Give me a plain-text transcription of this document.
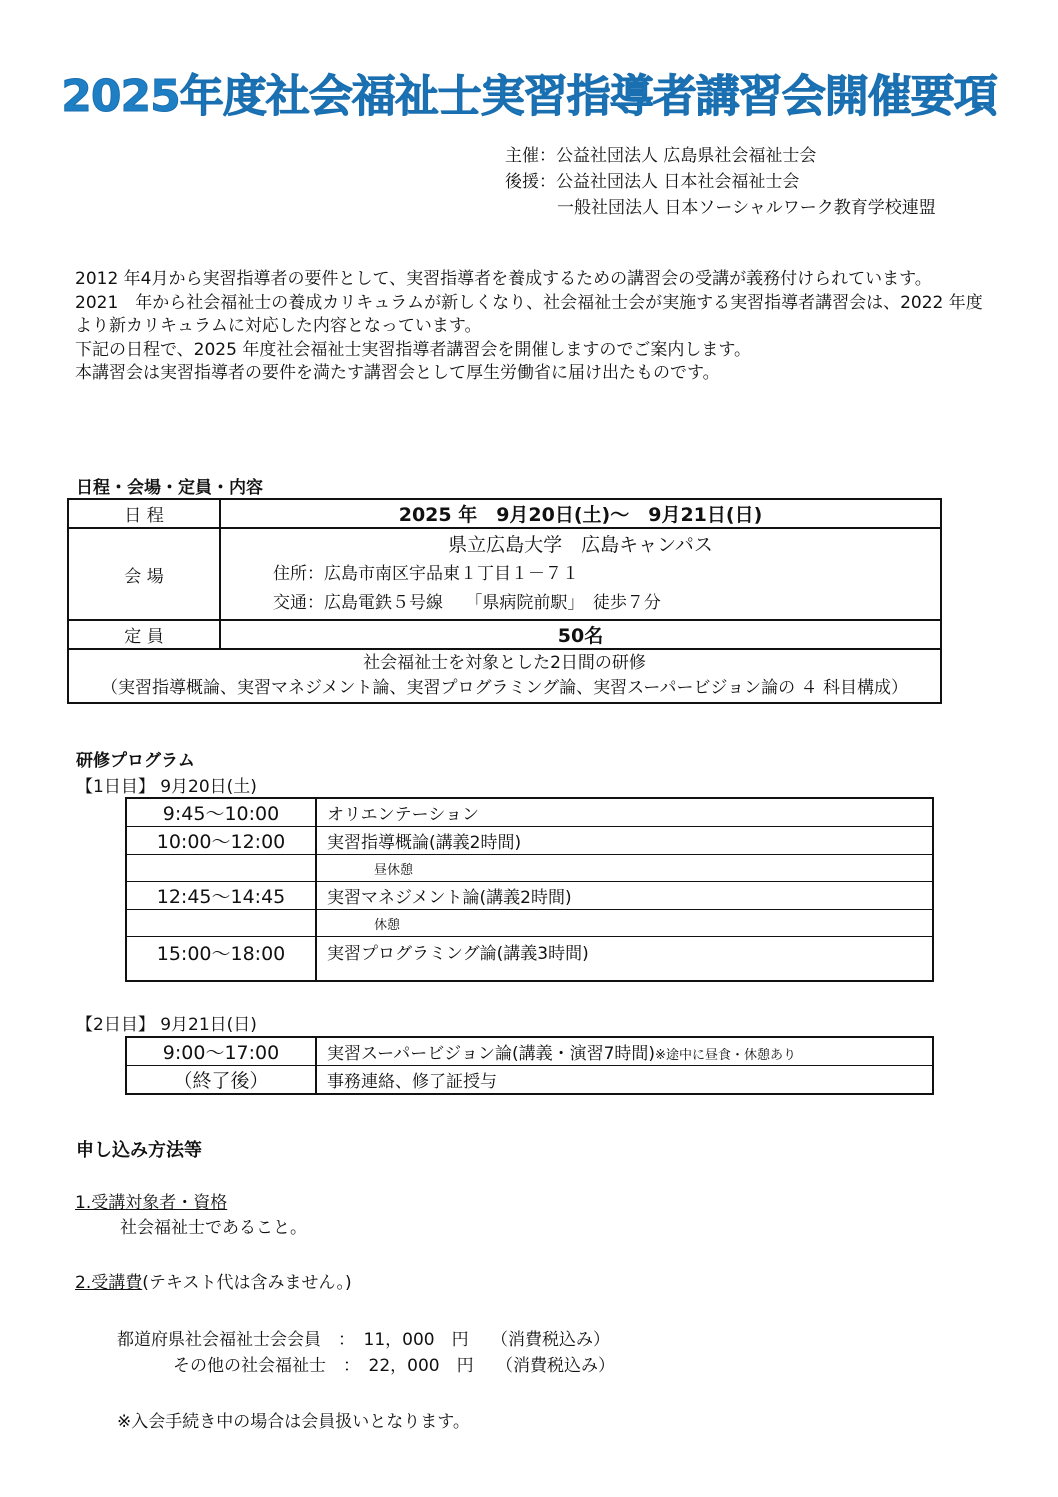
2025年度社会福祉士実習指導者講習会開催要項
主催：公益社団法人 広島県社会福祉士会
後援：公益社団法人 日本社会福祉士会
一般社団法人 日本ソーシャルワーク教育学校連盟

2012 年4月から実習指導者の要件として、実習指導者を養成するための講習会の受講が義務付けられています。

2021　年から社会福祉士の養成カリキュラムが新しくなり、社会福祉士会が実施する実習指導者講習会は、2022 年度より新カリキュラムに対応した内容となっています。

下記の日程で、2025 年度社会福祉士実習指導者講習会を開催しますのでご案内します。

本講習会は実習指導者の要件を満たす講習会として厚生労働省に届け出たものです。

日程・会場・定員・内容
日 程	2025 年　9月20日(土)～　9月21日(日)
会 場	県立広島大学　広島キャンパス
住所：広島市南区宇品東１丁目１－７１
交通：広島電鉄５号線　 「県病院前駅」　徒歩７分

定 員	50名

社会福祉士を対象とした2日間の研修
（実習指導概論、実習マネジメント論、実習プログラミング論、実習スーパービジョン論の ４ 科目構成）	
研修プログラム
【1日目】 9月20日(土)
9:45～10:00	オリエンテーション
10:00～12:00	実習指導概論(講義2時間)
	昼休憩
12:45～14:45	実習マネジメント論(講義2時間)
	休憩
15:00～18:00	実習プログラミング論(講義3時間)
【2日目】 9月21日(日)
9:00～17:00	実習スーパービジョン論(講義・演習7時間)※途中に昼食・休憩あり
（終了後）	事務連絡、修了証授与
申し込み方法等
1.受講対象者・資格
社会福祉士であること。
2.受講費(テキスト代は含みません。)
都道府県社会福祉士会会員　：　11，000　円　 （消費税込み）
その他の社会福祉士　：　22，000　円　 （消費税込み）
※入会手続き中の場合は会員扱いとなります。
